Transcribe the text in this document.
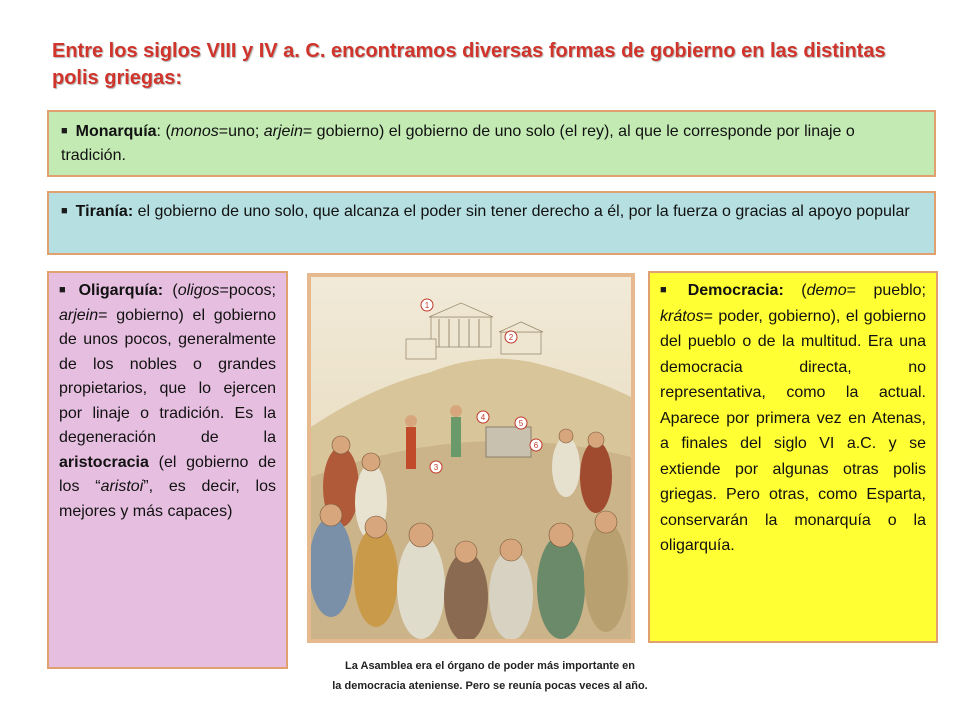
Entre los siglos VIII y IV a. C. encontramos diversas formas de gobierno en las distintas polis griegas:
■ Monarquía: (monos=uno; arjein= gobierno) el gobierno de uno solo (el rey), al que le corresponde por linaje o tradición.
■ Tiranía: el gobierno de uno solo, que alcanza el poder sin tener derecho a él, por la fuerza o gracias al apoyo popular
■ Oligarquía: (oligos=pocos; arjein= gobierno) el gobierno de unos pocos, generalmente de los nobles o grandes propietarios, que lo ejercen por linaje o tradición. Es la degeneración de la aristocracia (el gobierno de los “aristoi”, es decir, los mejores y más capaces)
1
2
3
4
5
6
■ Democracia: (demo= pueblo; krátos= poder, gobierno), el gobierno del pueblo o de la multitud. Era una democracia directa, no representativa, como la actual. Aparece por primera vez en Atenas, a finales del siglo VI a.C. y se extiende por algunas otras polis griegas. Pero otras, como Esparta, conservarán la monarquía o la oligarquía.
La Asamblea era el órgano de poder más importante en
la democracia ateniense. Pero se reunía pocas veces al año.
